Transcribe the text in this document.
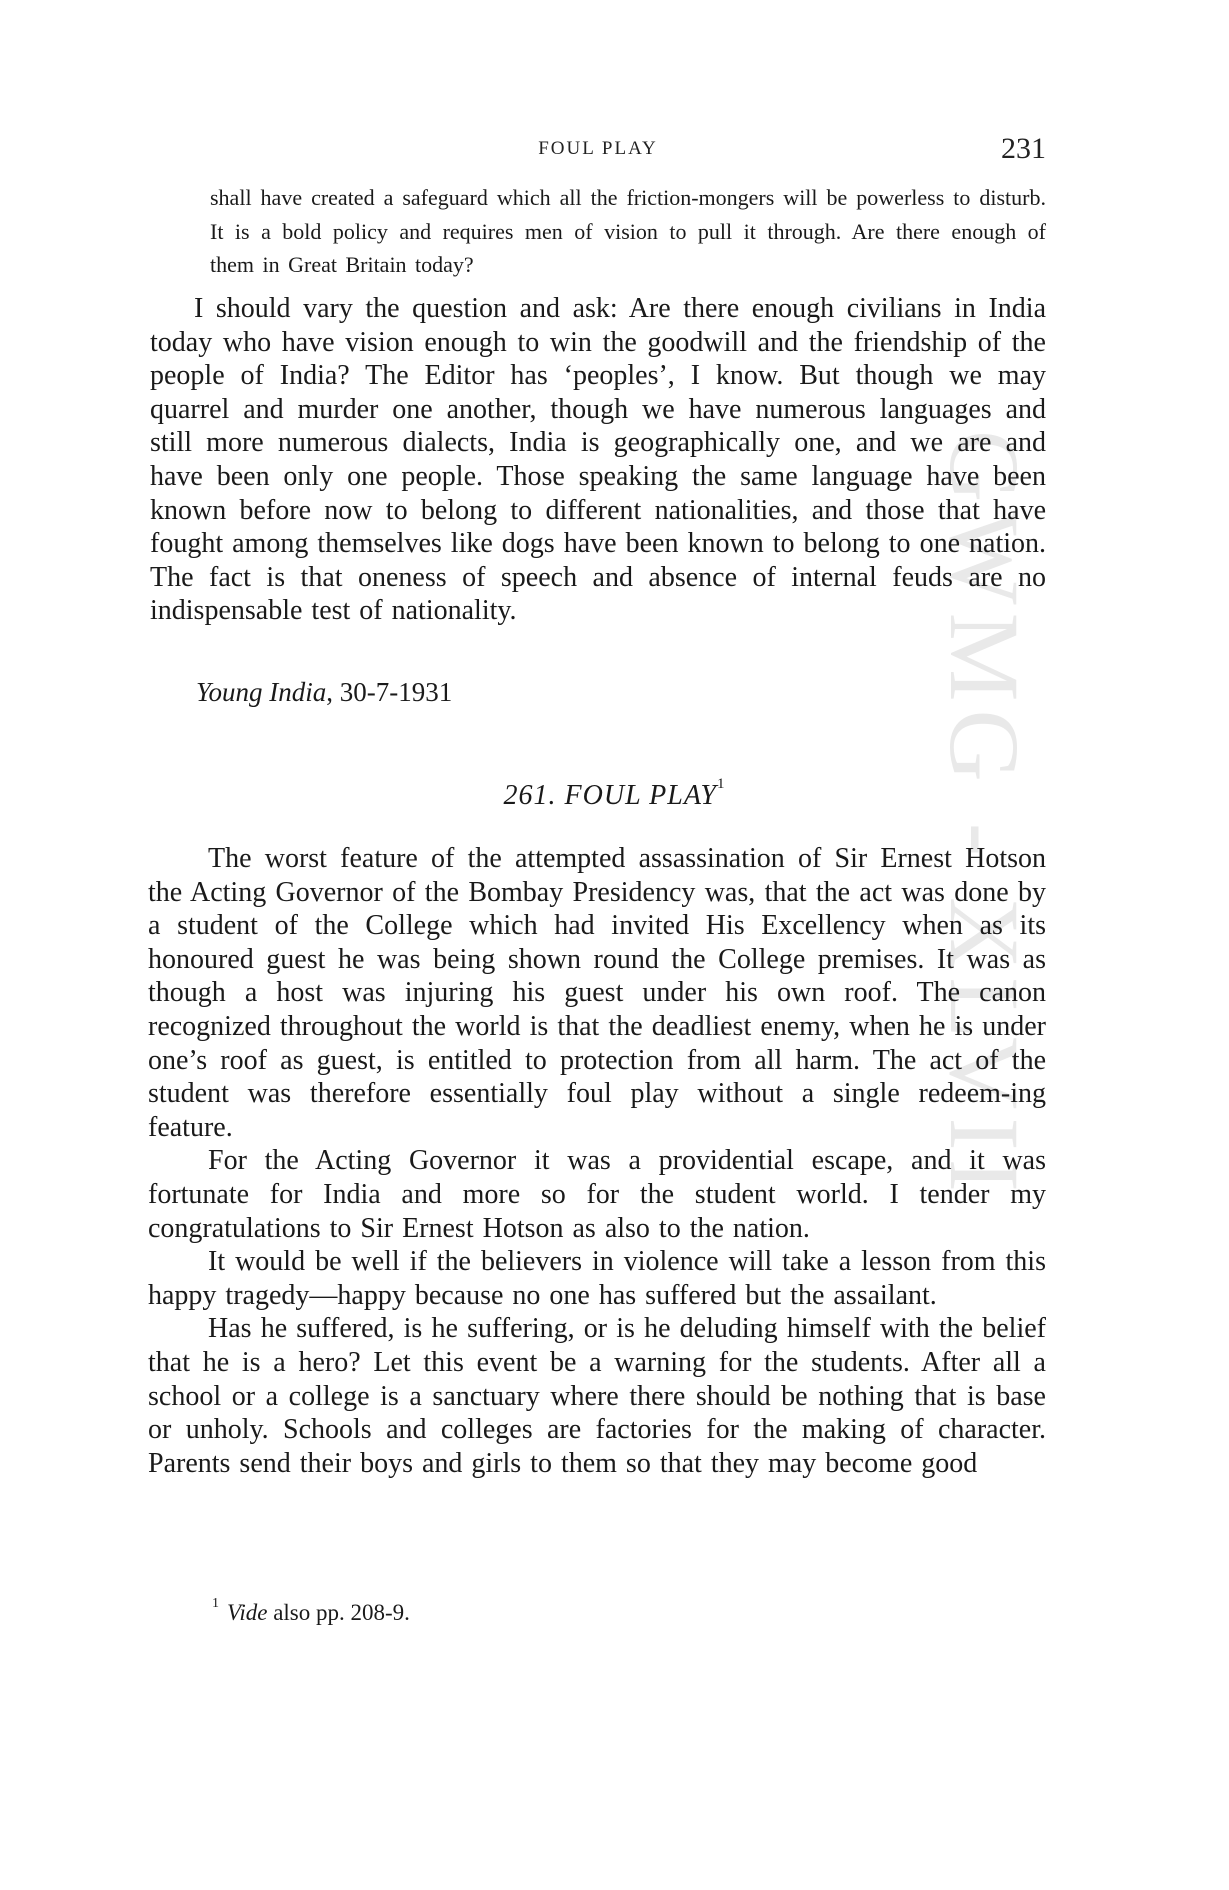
GWMG - XLVII
FOUL PLAY	231

shall have created a safeguard which all the friction-mongers will be powerless to disturb. It is a bold policy and requires men of vision to pull it through. Are there enough of them in Great Britain today?

I should vary the question and ask: Are there enough civilians in India today who have vision enough to win the goodwill and the friendship of the people of India? The Editor has ‘peoples’, I know. But though we may quarrel and murder one another, though we have numerous languages and still more numerous dialects, India is geographically one, and we are and have been only one people. Those speaking the same language have been known before now to belong to different nationalities, and those that have fought among themselves like dogs have been known to belong to one nation. The fact is that oneness of speech and absence of internal feuds are no indispensable test of nationality.

Young India, 30-7-1931
261. FOUL PLAY$^1$

The worst feature of the attempted assassination of Sir Ernest Hotson the Acting Governor of the Bombay Presidency was, that the act was done by a student of the College which had invited His Excellency when as its honoured guest he was being shown round the College premises. It was as though a host was injuring his guest under his own roof. The canon recognized throughout the world is that the deadliest enemy, when he is under one’s roof as guest, is entitled to protection from all harm. The act of the student was therefore essentially foul play without a single redeem-ing feature.

For the Acting Governor it was a providential escape, and it was fortunate for India and more so for the student world. I tender my congratulations to Sir Ernest Hotson as also to the nation.

It would be well if the believers in violence will take a lesson from this happy tragedy—happy because no one has suffered but the assailant.

Has he suffered, is he suffering, or is he deluding himself with the belief that he is a hero? Let this event be a warning for the students. After all a school or a college is a sanctuary where there should be nothing that is base or unholy. Schools and colleges are factories for the making of character. Parents send their boys and girls to them so that they may become good

$^1$ Vide also pp. 208-9.
